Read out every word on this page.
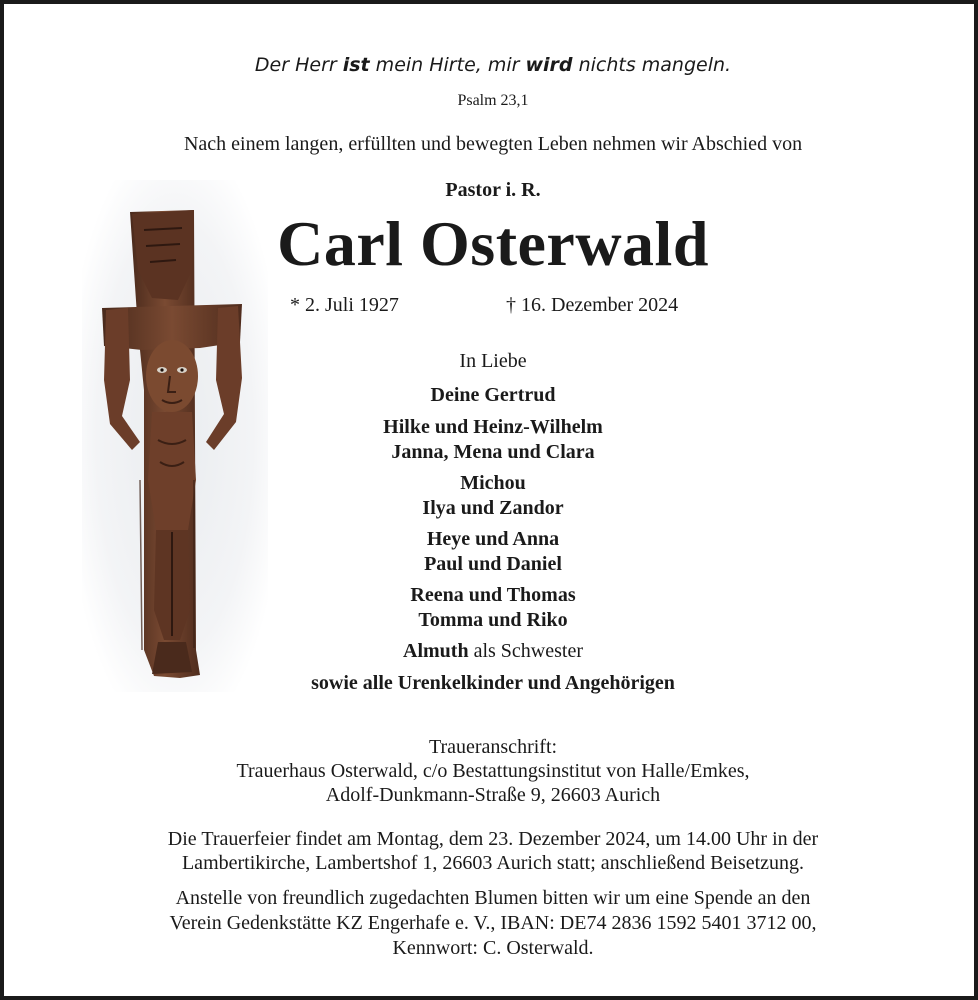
Der Herr ist mein Hirte, mir wird nichts mangeln.
Psalm 23,1
Nach einem langen, erfüllten und bewegten Leben nehmen wir Abschied von
Pastor i. R.
Carl Osterwald
* 2. Juli 1927	† 16. Dezember 2024
In Liebe
Deine Gertrud
Hilke und Heinz-Wilhelm
Janna, Mena und Clara
Michou
Ilya und Zandor
Heye und Anna
Paul und Daniel
Reena und Thomas
Tomma und Riko
Almuth als Schwester
sowie alle Urenkelkinder und Angehörigen
Traueranschrift:
Trauerhaus Osterwald, c/o Bestattungsinstitut von Halle/Emkes,
Adolf-Dunkmann-Straße 9, 26603 Aurich
Die Trauerfeier findet am Montag, dem 23. Dezember 2024, um 14.00 Uhr in der
Lambertikirche, Lambertshof 1, 26603 Aurich statt; anschließend Beisetzung.
Anstelle von freundlich zugedachten Blumen bitten wir um eine Spende an den
Verein Gedenkstätte KZ Engerhafe e. V., IBAN: DE74 2836 1592 5401 3712 00,
Kennwort: C. Osterwald.
